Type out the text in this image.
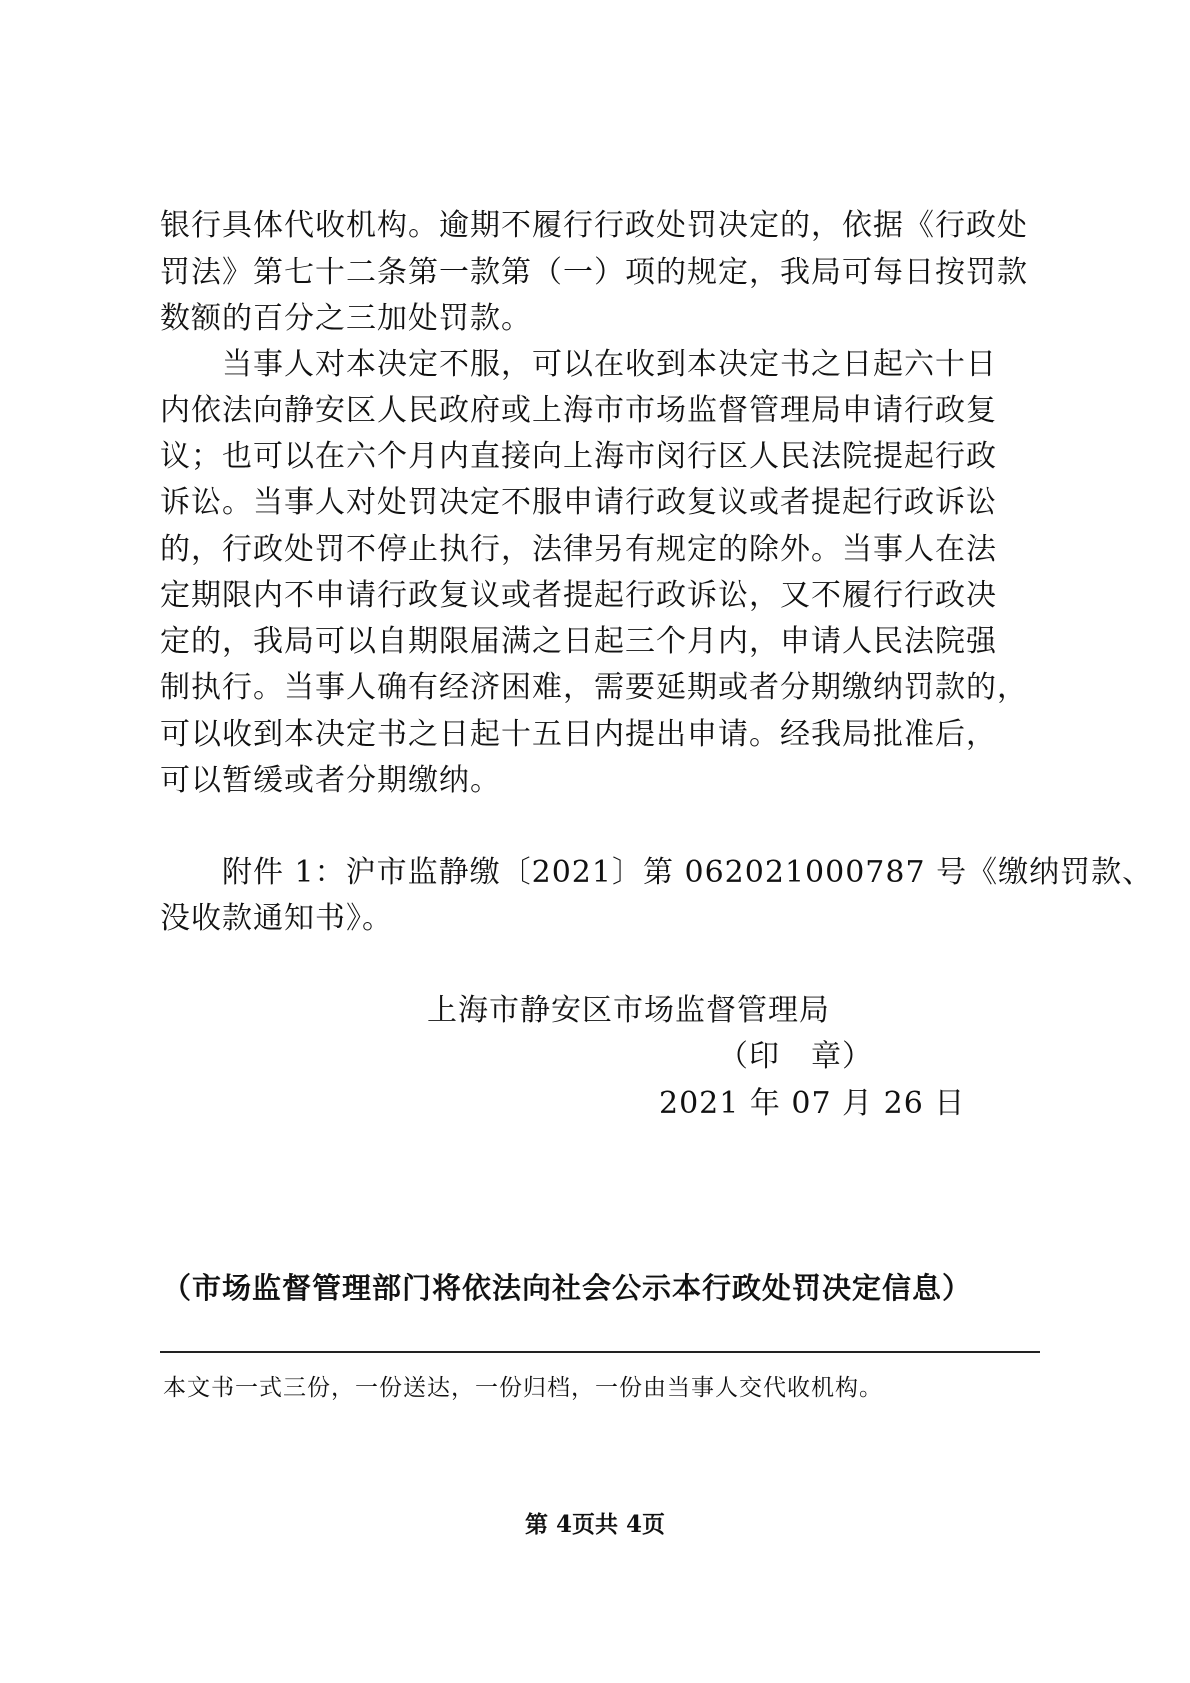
银行具体代收机构。逾期不履行行政处罚决定的，依据《行政处
罚法》第七十二条第一款第（一）项的规定，我局可每日按罚款
数额的百分之三加处罚款。
当事人对本决定不服，可以在收到本决定书之日起六十日
内依法向静安区人民政府或上海市市场监督管理局申请行政复
议；也可以在六个月内直接向上海市闵行区人民法院提起行政
诉讼。当事人对处罚决定不服申请行政复议或者提起行政诉讼
的，行政处罚不停止执行，法律另有规定的除外。当事人在法
定期限内不申请行政复议或者提起行政诉讼，又不履行行政决
定的，我局可以自期限届满之日起三个月内，申请人民法院强
制执行。当事人确有经济困难，需要延期或者分期缴纳罚款的，
可以收到本决定书之日起十五日内提出申请。经我局批准后，
可以暂缓或者分期缴纳。
附件 1：沪市监静缴〔2021〕第 062021000787 号《缴纳罚款、
没收款通知书》。
上海市静安区市场监督管理局
（印　章）
2021 年 07 月 26 日
（市场监督管理部门将依法向社会公示本行政处罚决定信息）
本文书一式三份，一份送达，一份归档，一份由当事人交代收机构。
第 4页共 4页
